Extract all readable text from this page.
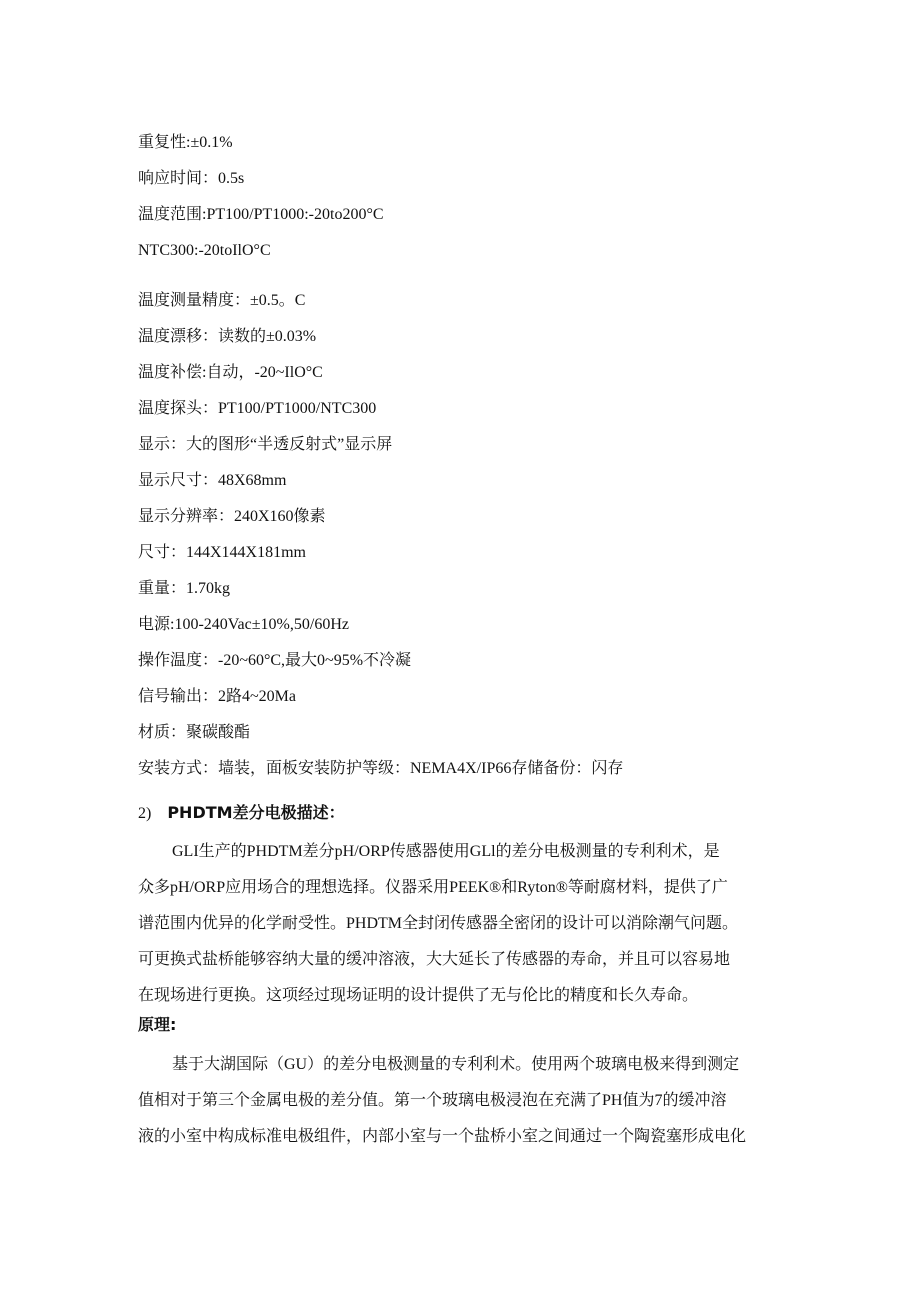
重复性:±0.1%
响应时间：0.5s
温度范围:PT100/PT1000:-20to200°C
NTC300:-20toIlO°C
温度测量精度：±0.5。C
温度漂移：读数的±0.03%
温度补偿:自动，-20~IlO°C
温度探头：PT100/PT1000/NTC300
显示：大的图形“半透反射式”显示屏
显示尺寸：48X68mm
显示分辨率：240X160像素
尺寸：144X144X181mm
重量：1.70kg
电源:100-240Vac±10%,50/60Hz
操作温度：-20~60°C,最大0~95%不冷凝
信号输出：2路4~20Ma
材质：聚碳酸酯
安装方式：墙装，面板安装防护等级：NEMA4X/IP66存储备份：闪存
2) PHDTM差分电极描述：
GLI生产的PHDTM差分pH/ORP传感器使用GLl的差分电极测量的专利利术，是
众多pH/ORP应用场合的理想选择。仪器采用PEEK®和Ryton®等耐腐材料，提供了广
谱范围内优异的化学耐受性。PHDTM全封闭传感器全密闭的设计可以消除潮气问题。
可更换式盐桥能够容纳大量的缓冲溶液，大大延长了传感器的寿命，并且可以容易地
在现场进行更换。这项经过现场证明的设计提供了无与伦比的精度和长久寿命。
原理:
基于大湖国际（GU）的差分电极测量的专利利术。使用两个玻璃电极来得到测定
值相对于第三个金属电极的差分值。第一个玻璃电极浸泡在充满了PH值为7的缓冲溶
液的小室中构成标准电极组件，内部小室与一个盐桥小室之间通过一个陶瓷塞形成电化
